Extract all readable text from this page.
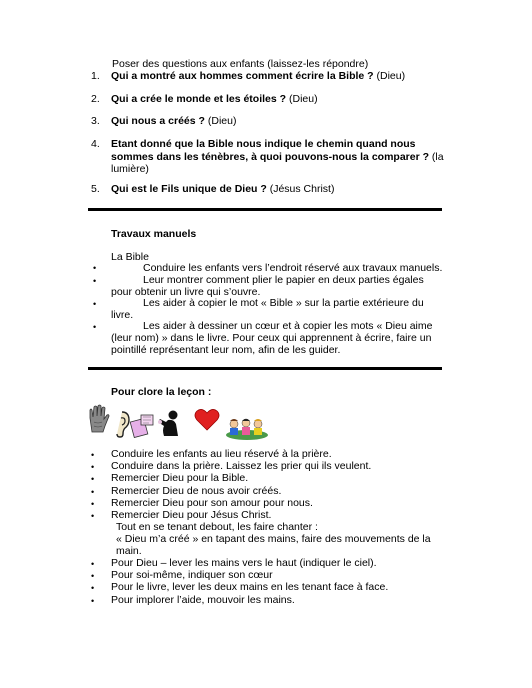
Poser des questions aux enfants (laissez-les répondre)
1. Qui a montré aux hommes comment écrire la Bible ? (Dieu)
2. Qui a crée le monde et les étoiles ? (Dieu)
3. Qui nous a créés ? (Dieu)
4. Etant donné que la Bible nous indique le chemin quand nous
sommes dans les ténèbres, à quoi pouvons-nous la comparer ? (la
lumière)
5. Qui est le Fils unique de Dieu ? (Jésus Christ)
Travaux manuels
La Bible
•	Conduire les enfants vers l’endroit réservé aux travaux manuels.
•	Leur montrer comment plier le papier en deux parties égales
pour obtenir un livre qui s’ouvre.
•	Les aider à copier le mot « Bible » sur la partie extérieure du
livre.
•	Les aider à dessiner un cœur et à copier les mots « Dieu aime
(leur nom) » dans le livre. Pour ceux qui apprennent à écrire, faire un
pointillé représentant leur nom, afin de les guider.
Pour clore la leçon :
• Conduire les enfants au lieu réservé à la prière.
• Conduire dans la prière. Laissez les prier qui ils veulent.
• Remercier Dieu pour la Bible.
• Remercier Dieu de nous avoir créés.
• Remercier Dieu pour son amour pour nous.
• Remercier Dieu pour Jésus Christ.
Tout en se tenant debout, les faire chanter :
« Dieu m’a créé » en tapant des mains, faire des mouvements de la
main.
• Pour Dieu – lever les mains vers le haut (indiquer le ciel).
• Pour soi-même, indiquer son cœur
• Pour le livre, lever les deux mains en les tenant face à face.
• Pour implorer l’aide, mouvoir les mains.
